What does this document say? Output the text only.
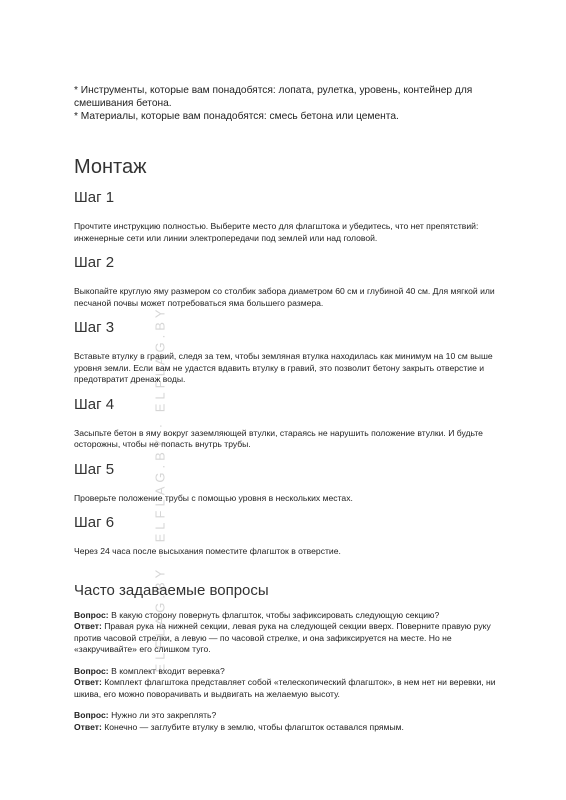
ELFLAG.BY · ELFLAG.BY · ELFLAG.BY

* Инструменты, которые вам понадобятся: лопата, рулетка, уровень, контейнер для смешивания бетона.

* Материалы, которые вам понадобятся: смесь бетона или цемента.

Монтаж
Шаг 1

Прочтите инструкцию полностью. Выберите место для флагштока и убедитесь, что нет препятствий: инженерные сети или линии электропередачи под землей или над головой.

Шаг 2

Выкопайте круглую яму размером со столбик забора диаметром 60 см и глубиной 40 см. Для мягкой или песчаной почвы может потребоваться яма большего размера.

Шаг 3

Вставьте втулку в гравий, следя за тем, чтобы земляная втулка находилась как минимум на 10 см выше уровня земли. Если вам не удастся вдавить втулку в гравий, это позволит бетону закрыть отверстие и предотвратит дренаж воды.

Шаг 4

Засыпьте бетон в яму вокруг заземляющей втулки, стараясь не нарушить положение втулки. И будьте осторожны, чтобы не попасть внутрь трубы.

Шаг 5

Проверьте положение трубы с помощью уровня в нескольких местах.

Шаг 6

Через 24 часа после высыхания поместите флагшток в отверстие.

Часто задаваемые вопросы

Вопрос: В какую сторону повернуть флагшток, чтобы зафиксировать следующую секцию?

Ответ: Правая рука на нижней секции, левая рука на следующей секции вверх. Поверните правую руку против часовой стрелки, а левую — по часовой стрелке, и она зафиксируется на месте. Но не «закручивайте» его слишком туго.

Вопрос: В комплект входит веревка?

Ответ: Комплект флагштока представляет собой «телескопический флагшток», в нем нет ни веревки, ни шкива, его можно поворачивать и выдвигать на желаемую высоту.

Вопрос: Нужно ли это закреплять?

Ответ: Конечно — заглубите втулку в землю, чтобы флагшток оставался прямым.
